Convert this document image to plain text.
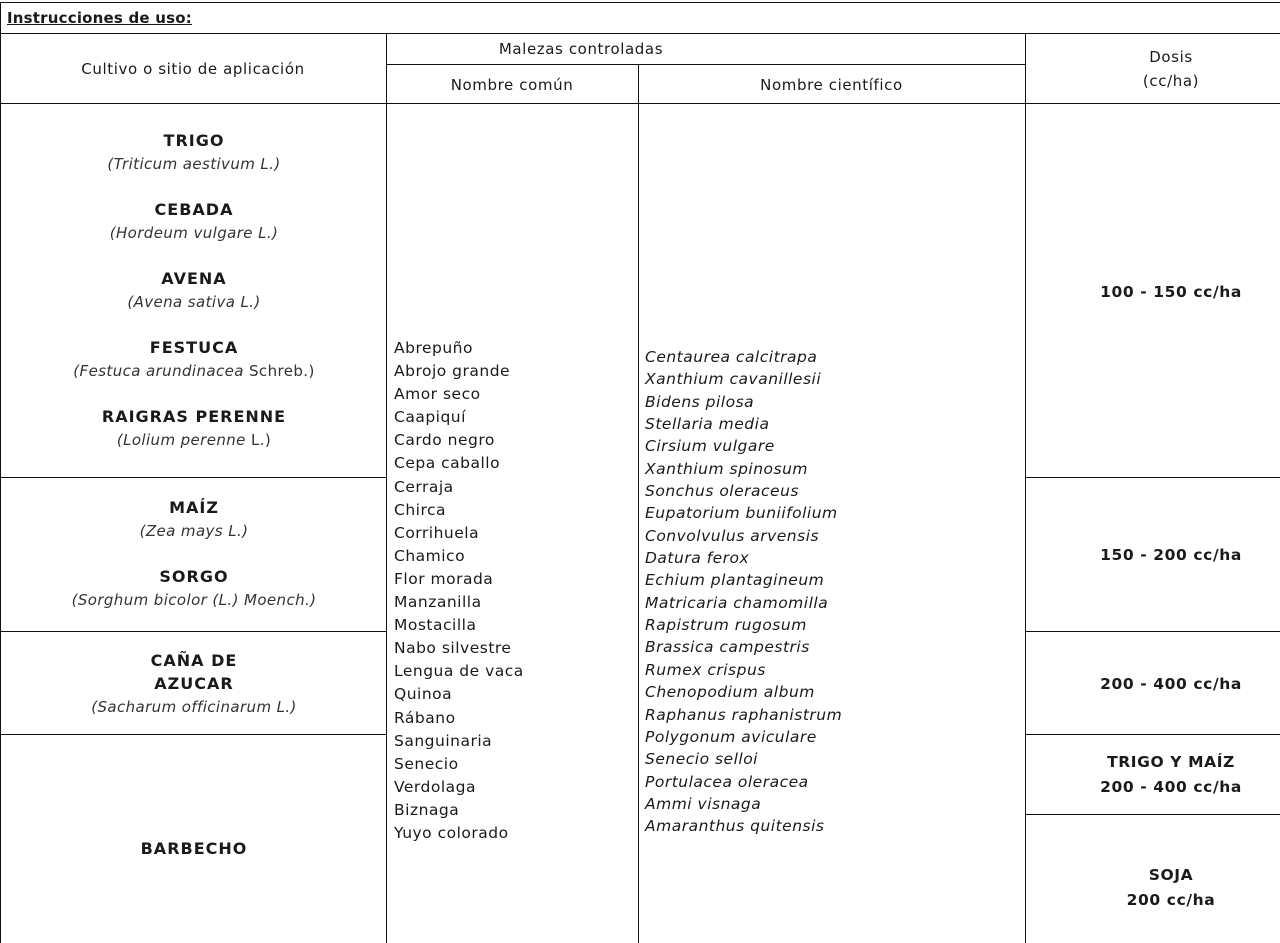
Instrucciones de uso:
Cultivo o sitio de aplicación
Malezas controladas
Nombre común	Nombre científico
Dosis
(cc/ha)
TRIGO
(Triticum aestivum L.)
CEBADA
(Hordeum vulgare L.)
AVENA
(Avena sativa L.)
FESTUCA
(Festuca arundinacea Schreb.)
RAIGRAS PERENNE
(Lolium perenne L.)
MAÍZ
(Zea mays L.)
SORGO
(Sorghum bicolor (L.) Moench.)
CAÑA DE
AZUCAR
(Sacharum officinarum L.)
BARBECHO
Abrepuño
Abrojo grande
Amor seco
Caapiquí
Cardo negro
Cepa caballo
Cerraja
Chirca
Corrihuela
Chamico
Flor morada
Manzanilla
Mostacilla
Nabo silvestre
Lengua de vaca
Quinoa
Rábano
Sanguinaria
Senecio
Verdolaga
Biznaga
Yuyo colorado
Centaurea calcitrapa
Xanthium cavanillesii
Bidens pilosa
Stellaria media
Cirsium vulgare
Xanthium spinosum
Sonchus oleraceus
Eupatorium buniifolium
Convolvulus arvensis
Datura ferox
Echium plantagineum
Matricaria chamomilla
Rapistrum rugosum
Brassica campestris
Rumex crispus
Chenopodium album
Raphanus raphanistrum
Polygonum aviculare
Senecio selloi
Portulacea oleracea
Ammi visnaga
Amaranthus quitensis
100 - 150 cc/ha
150 - 200 cc/ha
200 - 400 cc/ha
TRIGO Y MAÍZ
200 - 400 cc/ha
SOJA
200 cc/ha
